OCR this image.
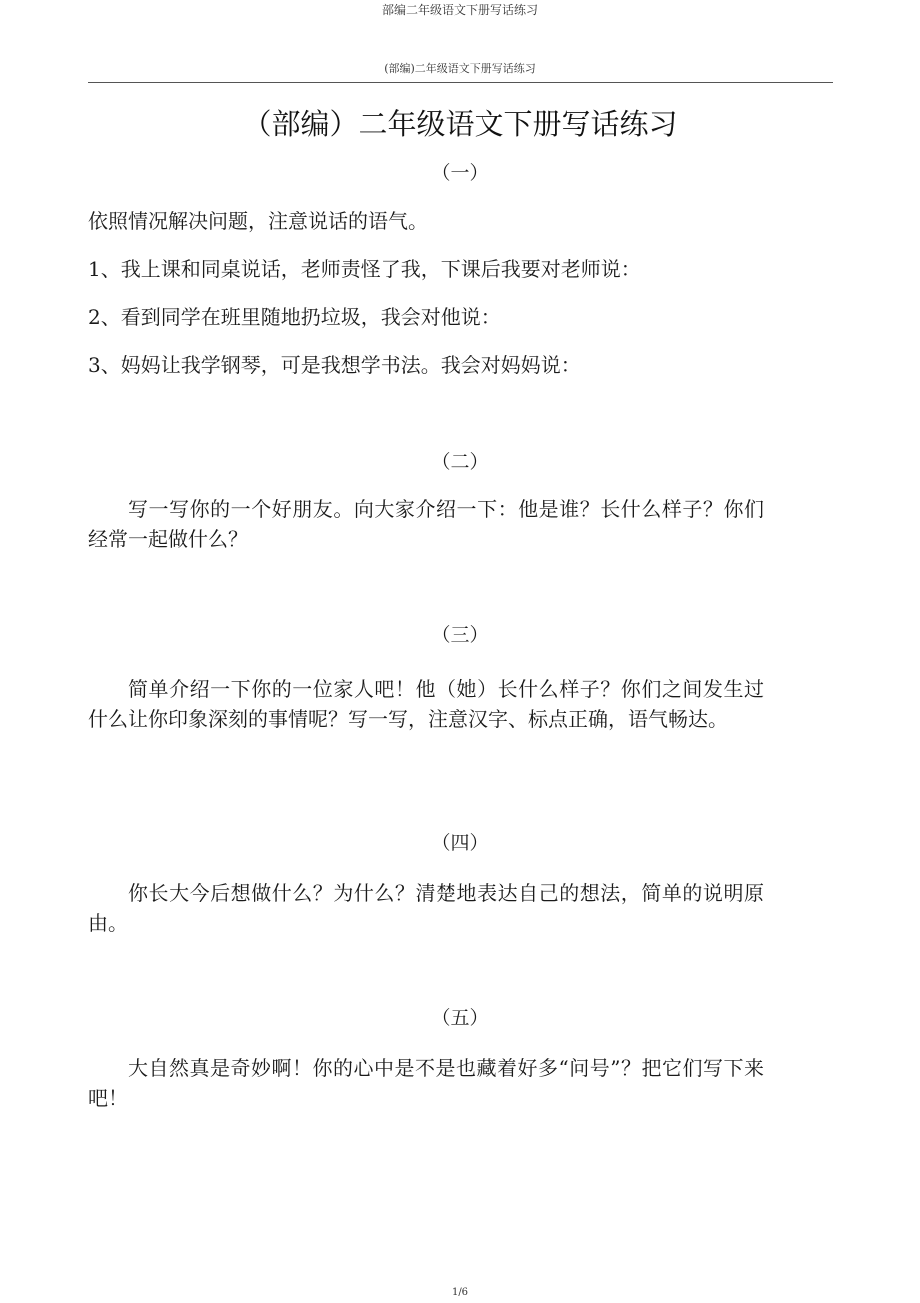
部编二年级语文下册写话练习
(部编)二年级语文下册写话练习
（部编）二年级语文下册写话练习
（一）
依照情况解决问题，注意说话的语气。
1、我上课和同桌说话，老师责怪了我，下课后我要对老师说：
2、看到同学在班里随地扔垃圾，我会对他说：
3、妈妈让我学钢琴，可是我想学书法。我会对妈妈说：
（二）
写一写你的一个好朋友。向大家介绍一下：他是谁？长什么样子？你们经常一起做什么？
（三）
简单介绍一下你的一位家人吧！他（她）长什么样子？你们之间发生过什么让你印象深刻的事情呢？写一写，注意汉字、标点正确，语气畅达。
（四）
你长大今后想做什么？为什么？清楚地表达自己的想法，简单的说明原由。
（五）
大自然真是奇妙啊！你的心中是不是也藏着好多“问号”？把它们写下来吧！
1/6
